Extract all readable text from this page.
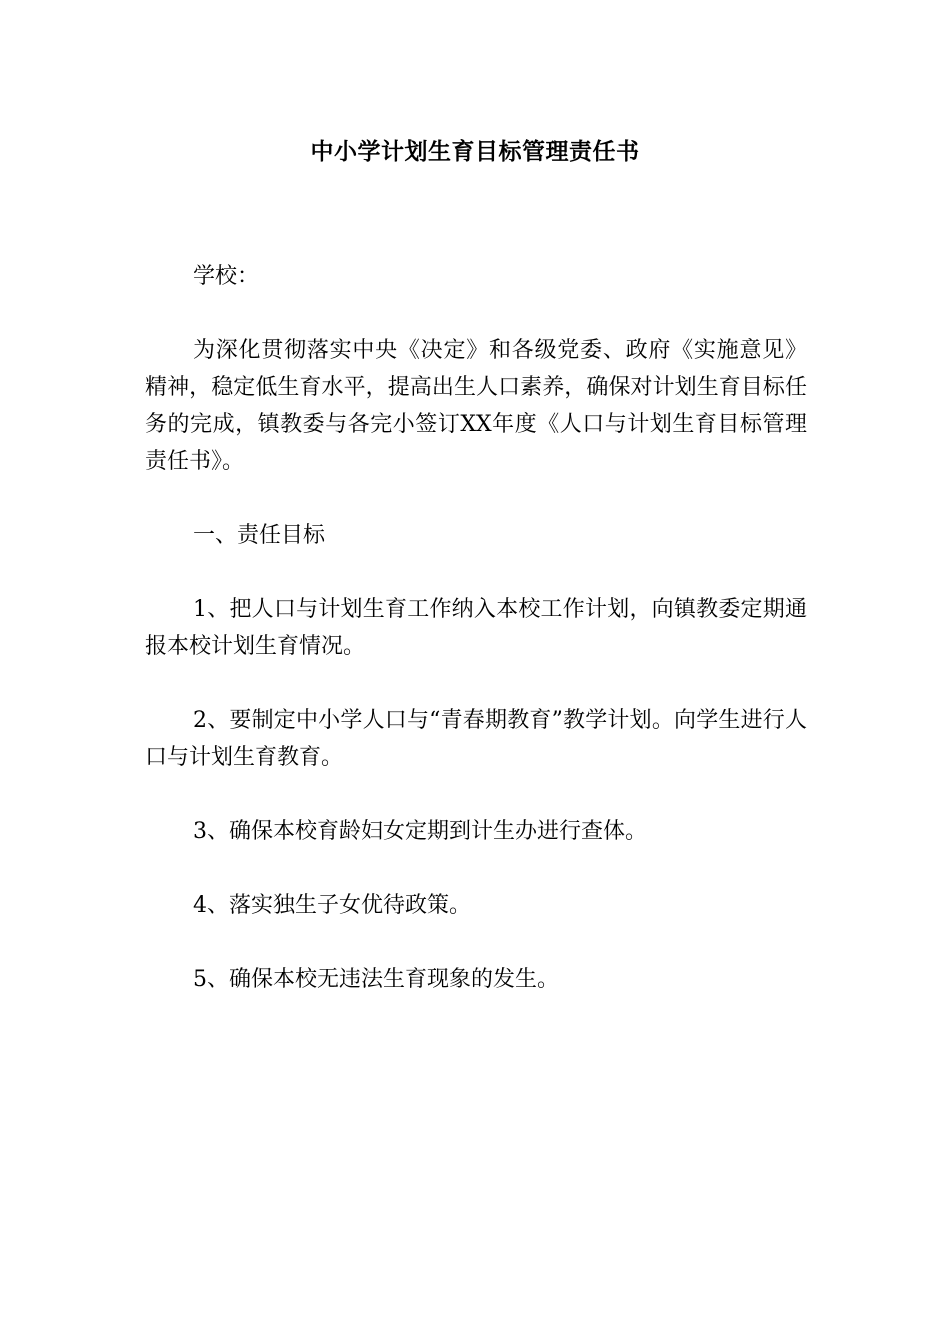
中小学计划生育目标管理责任书

学校：

为深化贯彻落实中央《决定》和各级党委、政府《实施意见》精神，稳定低生育水平，提高出生人口素养，确保对计划生育目标任务的完成，镇教委与各完小签订XX年度《人口与计划生育目标管理责任书》。

一、责任目标

1、把人口与计划生育工作纳入本校工作计划，向镇教委定期通报本校计划生育情况。

2、要制定中小学人口与“青春期教育”教学计划。向学生进行人口与计划生育教育。

3、确保本校育龄妇女定期到计生办进行查体。

4、落实独生子女优待政策。

5、确保本校无违法生育现象的发生。
